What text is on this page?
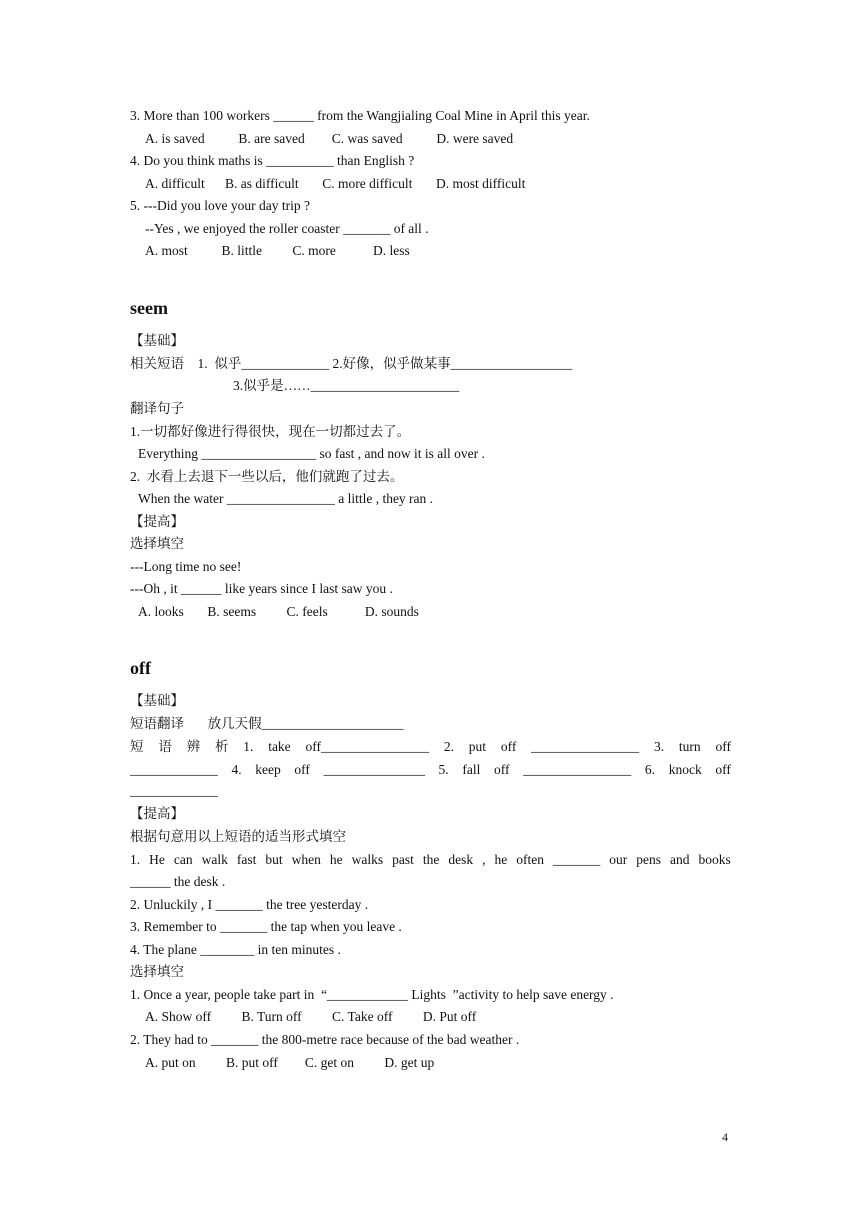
3. More than 100 workers ______ from the Wangjialing Coal Mine in April this year.
A. is saved          B. are saved        C. was saved          D. were saved
4. Do you think maths is __________ than English ?
A. difficult      B. as difficult       C. more difficult       D. most difficult
5. ---Did you love your day trip ?
--Yes , we enjoyed the roller coaster _______ of all .
A. most          B. little         C. more           D. less
seem
【基础】
相关短语    1.  似乎_____________ 2.好像，似乎做某事__________________
3.似乎是……______________________
翻译句子
1.一切都好像进行得很快，现在一切都过去了。
Everything _________________ so fast , and now it is all over .
2.  水看上去退下一些以后，他们就跑了过去。
When the water ________________ a little , they ran .
【提高】
选择填空
---Long time no see!
---Oh , it ______ like years since I last saw you .
A. looks       B. seems         C. feels           D. sounds
off
【基础】
短语翻译       放几天假_____________________
短 语 辨 析 1. take off________________ 2. put off ________________ 3. turn off
_____________ 4. keep off _______________ 5. fall off ________________ 6. knock off
_____________
【提高】
根据句意用以上短语的适当形式填空
1. He can walk fast but when he walks past the desk , he often _______ our pens and books
______ the desk .
2. Unluckily , I _______ the tree yesterday .
3. Remember to _______ the tap when you leave .
4. The plane ________ in ten minutes .
选择填空
1. Once a year, people take part in  “____________ Lights  ”activity to help save energy .
A. Show off         B. Turn off         C. Take off         D. Put off
2. They had to _______ the 800-metre race because of the bad weather .
A. put on         B. put off        C. get on         D. get up
4
